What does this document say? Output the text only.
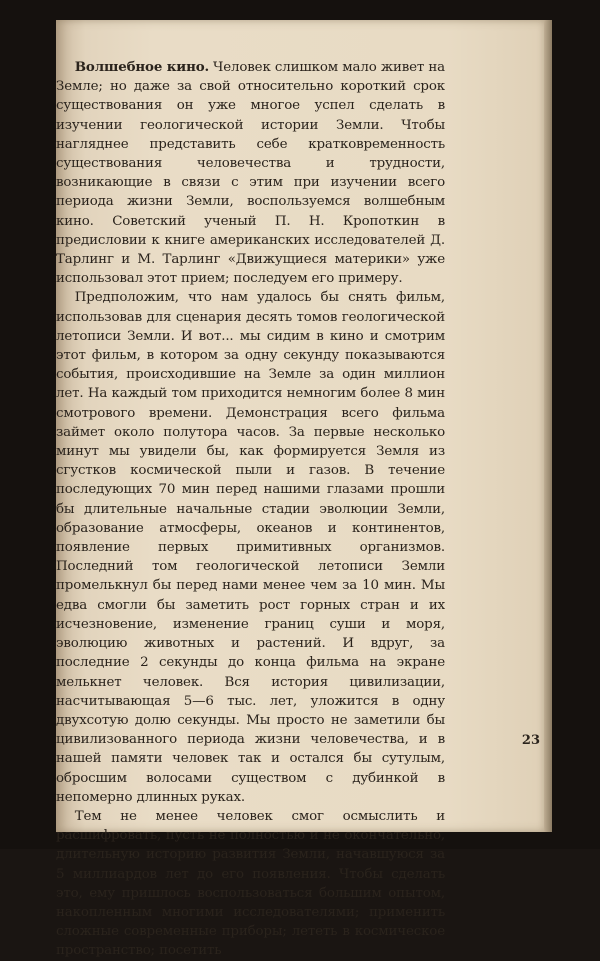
Волшебное кино. Человек слишком мало живет на Земле; но даже за свой относительно короткий срок существования он уже многое успел сделать в изучении геологической истории Земли. Чтобы нагляднее представить себе кратковременность существования человечества и трудности, возникающие в связи с этим при изучении всего периода жизни Земли, воспользуемся волшебным кино. Советский ученый П. Н. Кропоткин в предисловии к книге американских исследователей Д. Тарлинг и М. Тарлинг «Движущиеся материки» уже использовал этот прием; последуем его примеру.

Предположим, что нам удалось бы снять фильм, использовав для сценария десять томов геологической летописи Земли. И вот... мы сидим в кино и смотрим этот фильм, в котором за одну секунду показываются события, происходившие на Земле за один миллион лет. На каждый том приходится немногим более 8 мин смотрового времени. Демонстрация всего фильма займет около полутора часов. За первые несколько минут мы увидели бы, как формируется Земля из сгустков космической пыли и газов. В течение последующих 70 мин перед нашими глазами прошли бы длительные начальные стадии эволюции Земли, образование атмосферы, океанов и континентов, появление первых примитивных организмов. Последний том геологической летописи Земли промелькнул бы перед нами менее чем за 10 мин. Мы едва смогли бы заметить рост горных стран и их исчезновение, изменение границ суши и моря, эволюцию животных и растений. И вдруг, за последние 2 секунды до конца фильма на экране мелькнет человек. Вся история цивилизации, насчитывающая 5—6 тыс. лет, уложится в одну двухсотую долю секунды. Мы просто не заметили бы цивилизованного периода жизни человечества, и в нашей памяти человек так и остался бы сутулым, обросшим волосами существом с дубинкой в непомерно длинных руках.

Тем не менее человек смог осмыслить и расшифровать, пусть не полностью и не окончательно, длительную историю развития Земли, начавшуюся за 5 миллиардов лет до его появления. Чтобы сделать это, ему пришлось воспользоваться большим опытом, накопленным многими исследователями; применить сложные современные приборы; лететь в космическое пространство; посетить

23
